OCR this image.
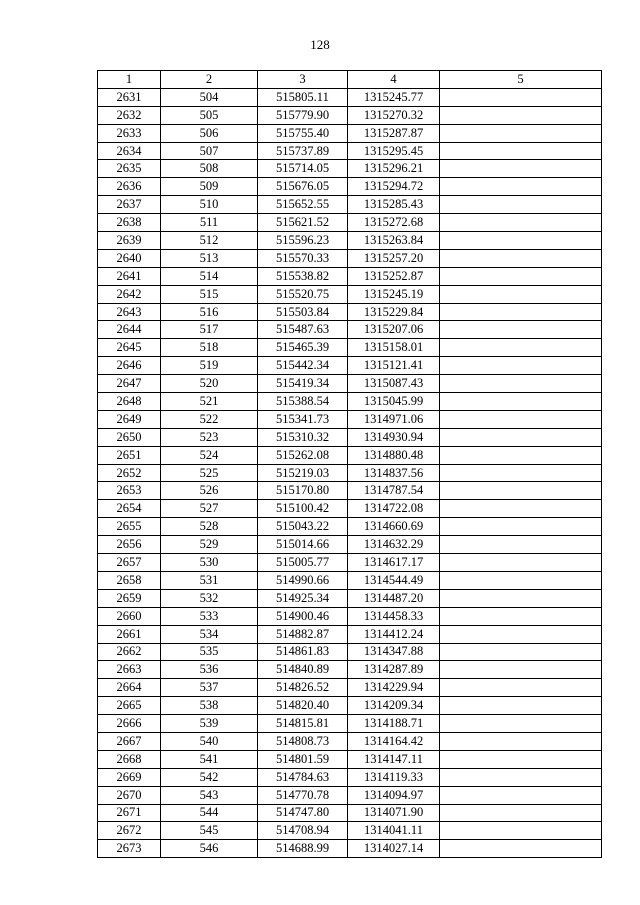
128
1	2	3	4	5
2631	504	515805.11	1315245.77	
2632	505	515779.90	1315270.32	
2633	506	515755.40	1315287.87	
2634	507	515737.89	1315295.45	
2635	508	515714.05	1315296.21	
2636	509	515676.05	1315294.72	
2637	510	515652.55	1315285.43	
2638	511	515621.52	1315272.68	
2639	512	515596.23	1315263.84	
2640	513	515570.33	1315257.20	
2641	514	515538.82	1315252.87	
2642	515	515520.75	1315245.19	
2643	516	515503.84	1315229.84	
2644	517	515487.63	1315207.06	
2645	518	515465.39	1315158.01	
2646	519	515442.34	1315121.41	
2647	520	515419.34	1315087.43	
2648	521	515388.54	1315045.99	
2649	522	515341.73	1314971.06	
2650	523	515310.32	1314930.94	
2651	524	515262.08	1314880.48	
2652	525	515219.03	1314837.56	
2653	526	515170.80	1314787.54	
2654	527	515100.42	1314722.08	
2655	528	515043.22	1314660.69	
2656	529	515014.66	1314632.29	
2657	530	515005.77	1314617.17	
2658	531	514990.66	1314544.49	
2659	532	514925.34	1314487.20	
2660	533	514900.46	1314458.33	
2661	534	514882.87	1314412.24	
2662	535	514861.83	1314347.88	
2663	536	514840.89	1314287.89	
2664	537	514826.52	1314229.94	
2665	538	514820.40	1314209.34	
2666	539	514815.81	1314188.71	
2667	540	514808.73	1314164.42	
2668	541	514801.59	1314147.11	
2669	542	514784.63	1314119.33	
2670	543	514770.78	1314094.97	
2671	544	514747.80	1314071.90	
2672	545	514708.94	1314041.11	
2673	546	514688.99	1314027.14	
